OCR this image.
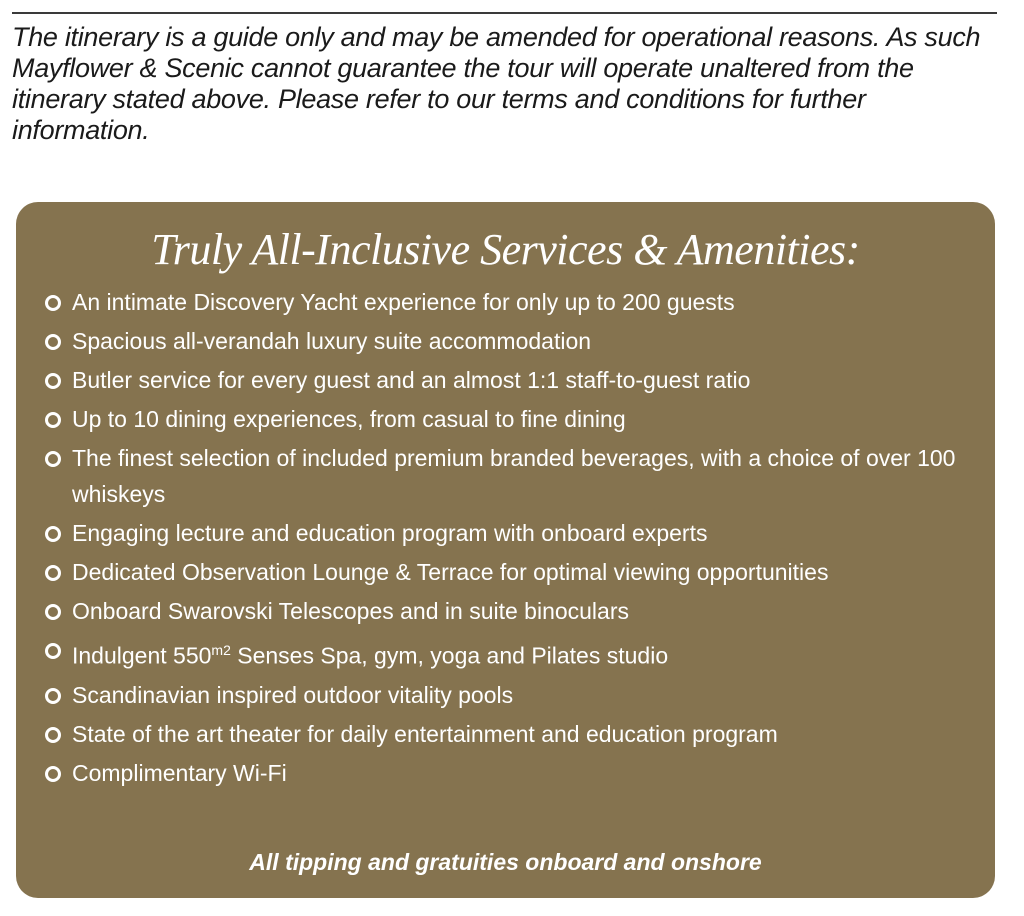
The itinerary is a guide only and may be amended for operational reasons. As such Mayflower & Scenic cannot guarantee the tour will operate unaltered from the itinerary stated above. Please refer to our terms and conditions for further information.

Truly All-Inclusive Services & Amenities:
An intimate Discovery Yacht experience for only up to 200 guests
Spacious all-verandah luxury suite accommodation
Butler service for every guest and an almost 1:1 staff-to-guest ratio
Up to 10 dining experiences, from casual to fine dining
The finest selection of included premium branded beverages, with a choice of over 100 whiskeys
Engaging lecture and education program with onboard experts
Dedicated Observation Lounge & Terrace for optimal viewing opportunities
Onboard Swarovski Telescopes and in suite binoculars
Indulgent $550^{m2}$ Senses Spa, gym, yoga and Pilates studio
Scandinavian inspired outdoor vitality pools
State of the art theater for daily entertainment and education program
Complimentary Wi-Fi

All tipping and gratuities onboard and onshore
